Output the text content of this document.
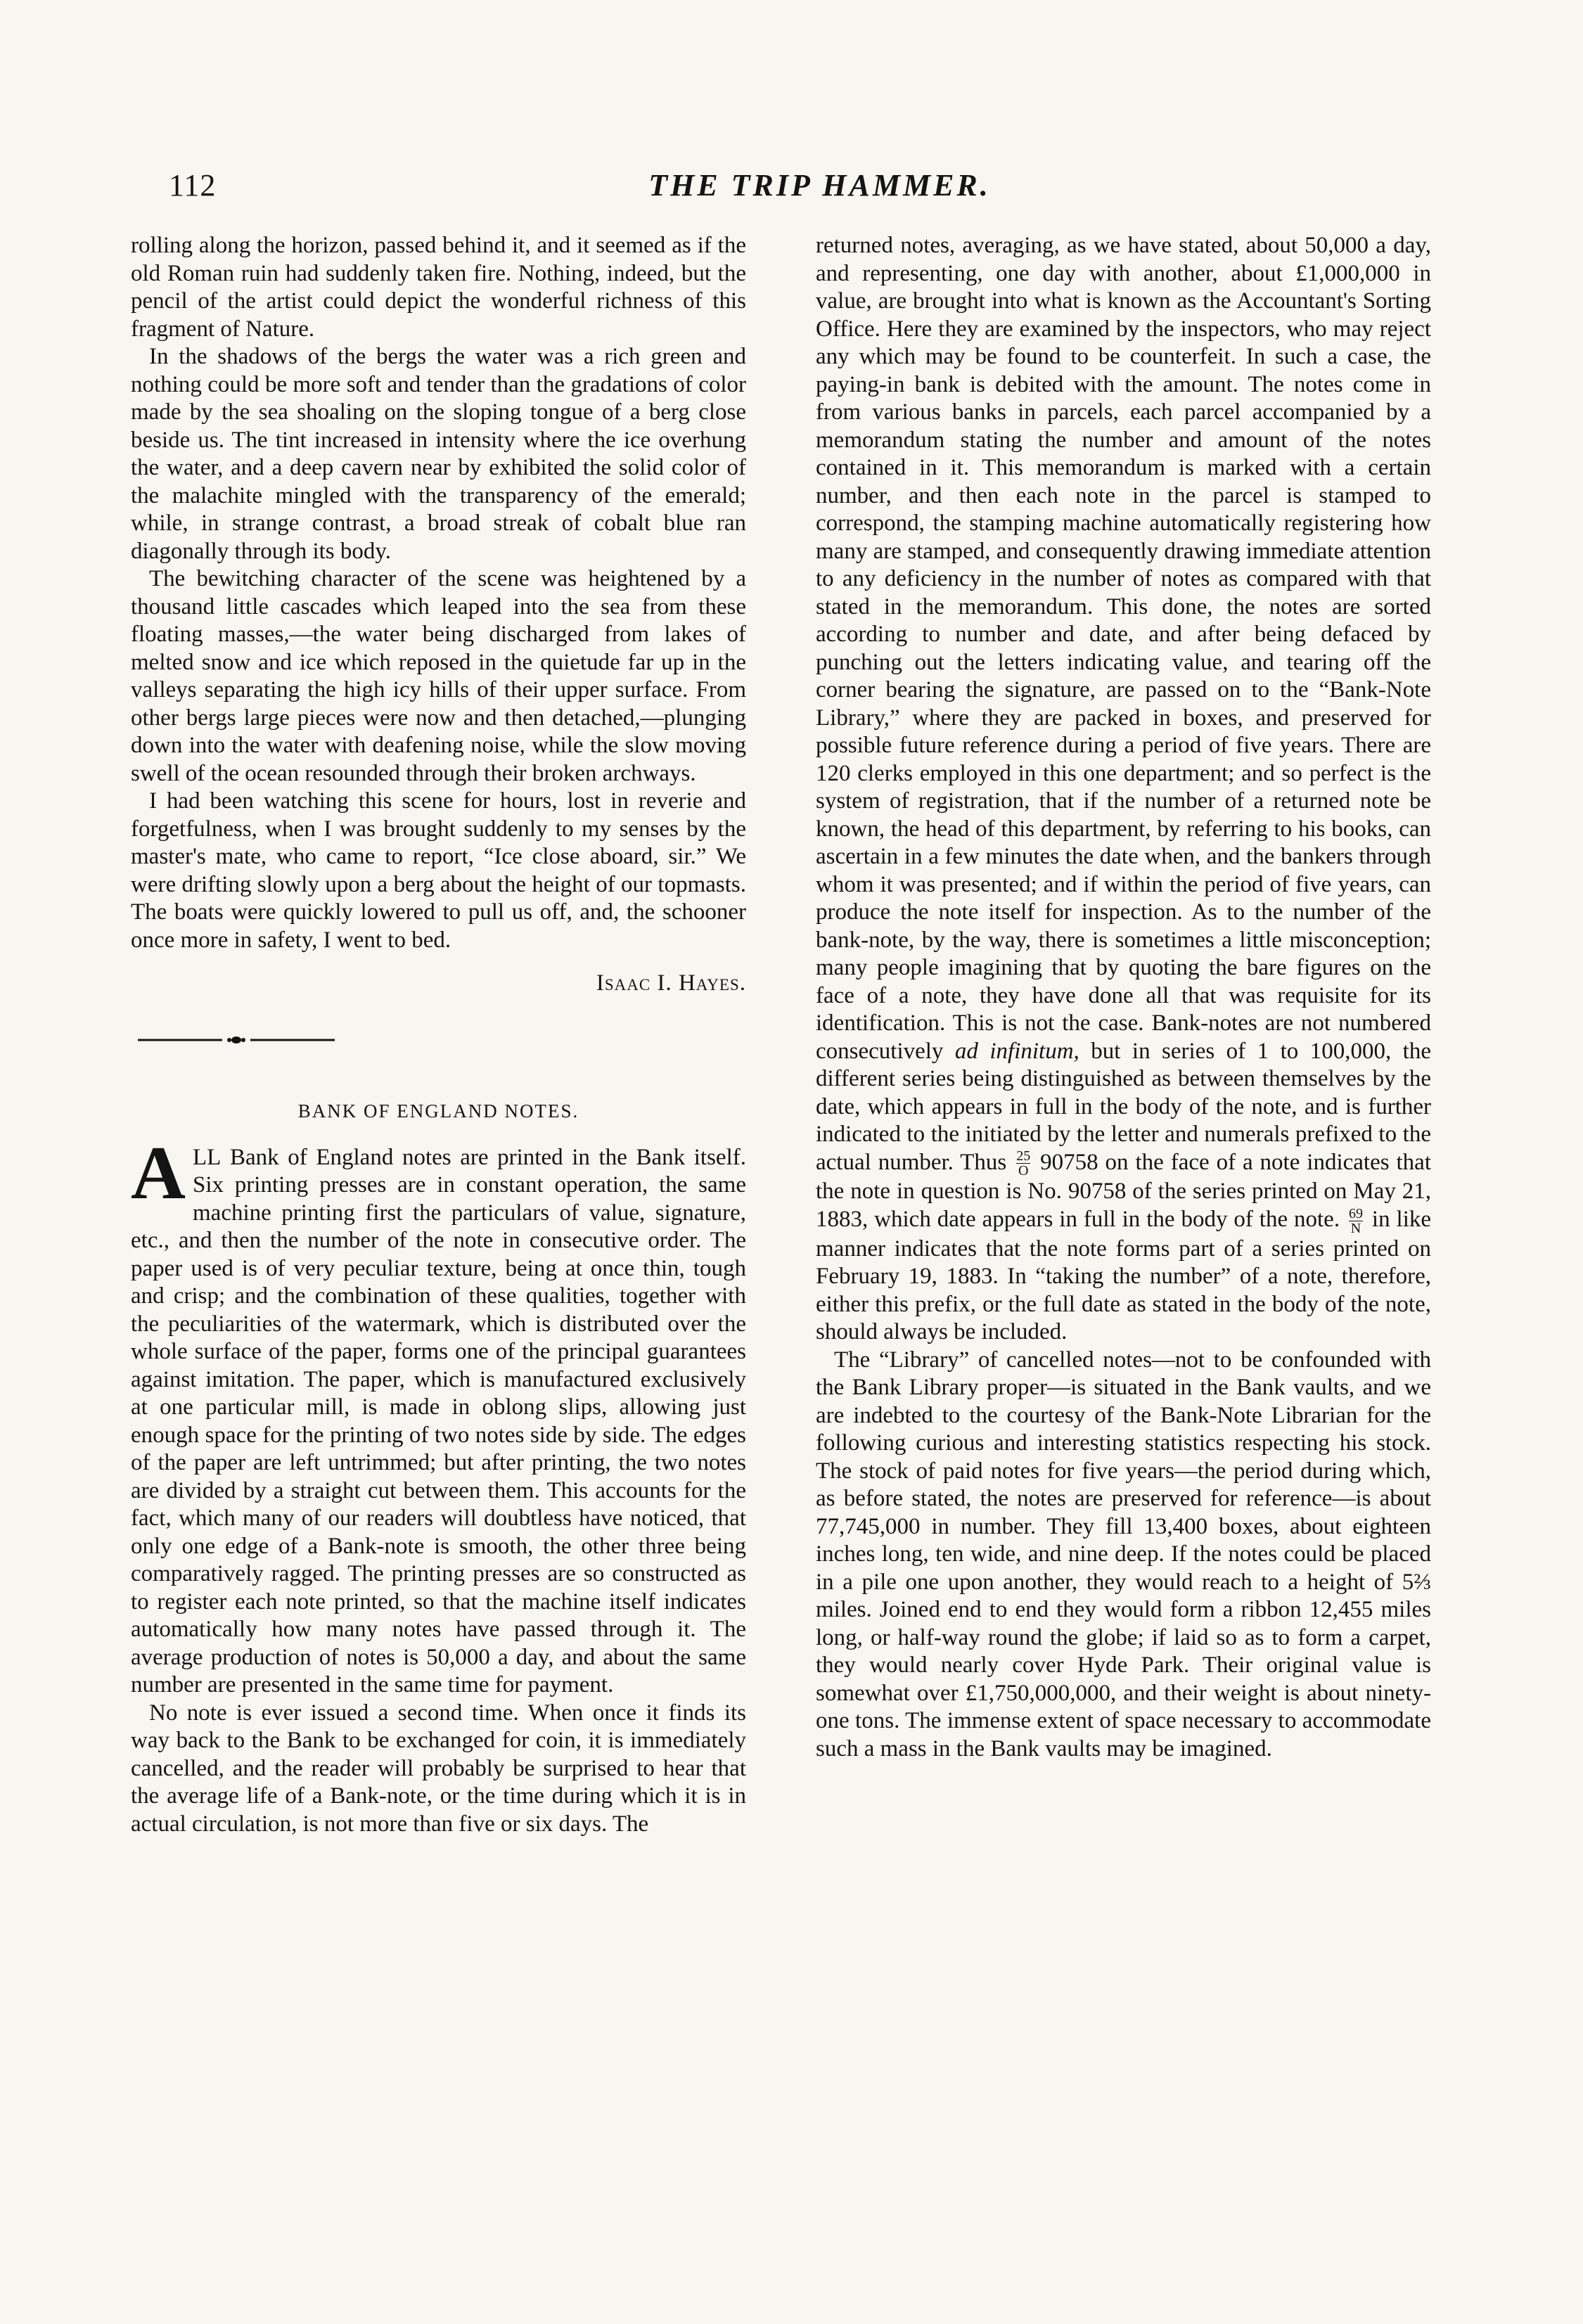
112	THE TRIP HAMMER.

rolling along the horizon, passed behind it, and it seemed as if the old Roman ruin had suddenly taken fire. Nothing, indeed, but the pencil of the artist could depict the wonderful richness of this fragment of Nature.

In the shadows of the bergs the water was a rich green and nothing could be more soft and tender than the gradations of color made by the sea shoaling on the sloping tongue of a berg close beside us. The tint increased in intensity where the ice overhung the water, and a deep cavern near by exhibited the solid color of the malachite mingled with the transparency of the emerald; while, in strange contrast, a broad streak of cobalt blue ran diagonally through its body.

The bewitching character of the scene was heightened by a thousand little cascades which leaped into the sea from these floating masses,—the water being discharged from lakes of melted snow and ice which reposed in the quietude far up in the valleys separating the high icy hills of their upper surface. From other bergs large pieces were now and then detached,—plunging down into the water with deafening noise, while the slow moving swell of the ocean resounded through their broken archways.

I had been watching this scene for hours, lost in reverie and forgetfulness, when I was brought suddenly to my senses by the master's mate, who came to report, “Ice close aboard, sir.” We were drifting slowly upon a berg about the height of our topmasts. The boats were quickly lowered to pull us off, and, the schooner once more in safety, I went to bed.

Isaac I. Hayes.
BANK OF ENGLAND NOTES.

ALL Bank of England notes are printed in the Bank itself. Six printing presses are in constant operation, the same machine printing first the particulars of value, signature, etc., and then the number of the note in consecutive order. The paper used is of very peculiar texture, being at once thin, tough and crisp; and the combination of these qualities, together with the peculiarities of the watermark, which is distributed over the whole surface of the paper, forms one of the principal guarantees against imitation. The paper, which is manufactured exclusively at one particular mill, is made in oblong slips, allowing just enough space for the printing of two notes side by side. The edges of the paper are left untrimmed; but after printing, the two notes are divided by a straight cut between them. This accounts for the fact, which many of our readers will doubtless have noticed, that only one edge of a Bank-note is smooth, the other three being comparatively ragged. The printing presses are so constructed as to register each note printed, so that the machine itself indicates automatically how many notes have passed through it. The average production of notes is 50,000 a day, and about the same number are presented in the same time for payment.

No note is ever issued a second time. When once it finds its way back to the Bank to be exchanged for coin, it is immediately cancelled, and the reader will probably be surprised to hear that the average life of a Bank-note, or the time during which it is in actual circulation, is not more than five or six days. The

returned notes, averaging, as we have stated, about 50,000 a day, and representing, one day with another, about £1,000,000 in value, are brought into what is known as the Accountant's Sorting Office. Here they are examined by the inspectors, who may reject any which may be found to be counterfeit. In such a case, the paying-in bank is debited with the amount. The notes come in from various banks in parcels, each parcel accompanied by a memorandum stating the number and amount of the notes contained in it. This memorandum is marked with a certain number, and then each note in the parcel is stamped to correspond, the stamping machine automatically registering how many are stamped, and consequently drawing immediate attention to any deficiency in the number of notes as compared with that stated in the memorandum. This done, the notes are sorted according to number and date, and after being defaced by punching out the letters indicating value, and tearing off the corner bearing the signature, are passed on to the “Bank-Note Library,” where they are packed in boxes, and preserved for possible future reference during a period of five years. There are 120 clerks employed in this one department; and so perfect is the system of registration, that if the number of a returned note be known, the head of this department, by referring to his books, can ascertain in a few minutes the date when, and the bankers through whom it was presented; and if within the period of five years, can produce the note itself for inspection. As to the number of the bank-note, by the way, there is sometimes a little misconception; many people imagining that by quoting the bare figures on the face of a note, they have done all that was requisite for its identification. This is not the case. Bank-notes are not numbered consecutively ad infinitum, but in series of 1 to 100,000, the different series being distinguished as between themselves by the date, which appears in full in the body of the note, and is further indicated to the initiated by the letter and numerals prefixed to the actual number. Thus $\frac{25}{O} 90758$ on the face of a note indicates that the note in question is No. 90758 of the series printed on May 21, 1883, which date appears in full in the body of the note. $\frac{69}{N}$ in like manner indicates that the note forms part of a series printed on February 19, 1883. In “taking the number” of a note, therefore, either this prefix, or the full date as stated in the body of the note, should always be included.

The “Library” of cancelled notes—not to be confounded with the Bank Library proper—is situated in the Bank vaults, and we are indebted to the courtesy of the Bank-Note Librarian for the following curious and interesting statistics respecting his stock. The stock of paid notes for five years—the period during which, as before stated, the notes are preserved for reference—is about 77,745,000 in number. They fill 13,400 boxes, about eighteen inches long, ten wide, and nine deep. If the notes could be placed in a pile one upon another, they would reach to a height of 5⅔ miles. Joined end to end they would form a ribbon 12,455 miles long, or half-way round the globe; if laid so as to form a carpet, they would nearly cover Hyde Park. Their original value is somewhat over £1,750,000,000, and their weight is about ninety-one tons. The immense extent of space necessary to accommodate such a mass in the Bank vaults may be imagined.
